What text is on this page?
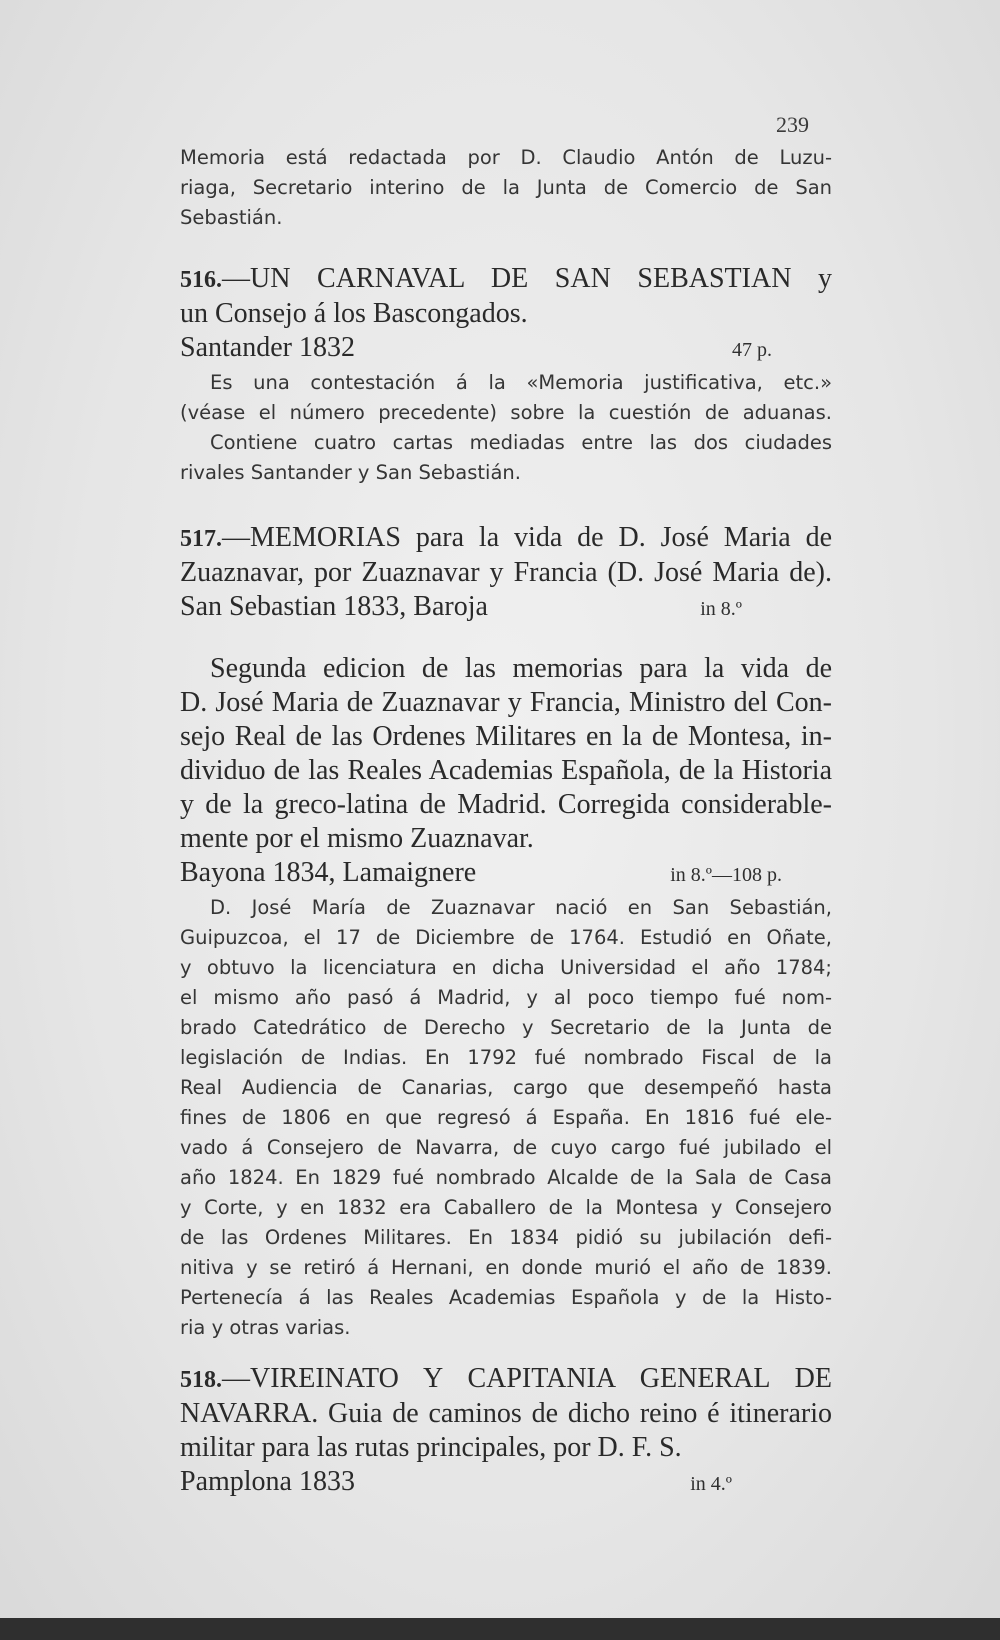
239
Memoria está redactada por D. Claudio Antón de Luzu-
riaga, Secretario interino de la Junta de Comercio de San
Sebastián.
516.—UN CARNAVAL DE SAN SEBASTIAN y
un Consejo á los Bascongados.
Santander 1832	47 p.
Es una contestación á la «Memoria justificativa, etc.»
(véase el número precedente) sobre la cuestión de aduanas.
Contiene cuatro cartas mediadas entre las dos ciudades
rivales Santander y San Sebastián.
517.—MEMORIAS para la vida de D. José Maria de
Zuaznavar, por Zuaznavar y Francia (D. José Maria de).
San Sebastian 1833, Baroja	in 8.º
Segunda edicion de las memorias para la vida de
D. José Maria de Zuaznavar y Francia, Ministro del Con-
sejo Real de las Ordenes Militares en la de Montesa, in-
dividuo de las Reales Academias Española, de la Historia
y de la greco-latina de Madrid. Corregida considerable-
mente por el mismo Zuaznavar.
Bayona 1834, Lamaignere	in 8.º—108 p.
D. José María de Zuaznavar nació en San Sebastián,
Guipuzcoa, el 17 de Diciembre de 1764. Estudió en Oñate,
y obtuvo la licenciatura en dicha Universidad el año 1784;
el mismo año pasó á Madrid, y al poco tiempo fué nom-
brado Catedrático de Derecho y Secretario de la Junta de
legislación de Indias. En 1792 fué nombrado Fiscal de la
Real Audiencia de Canarias, cargo que desempeñó hasta
fines de 1806 en que regresó á España. En 1816 fué ele-
vado á Consejero de Navarra, de cuyo cargo fué jubilado el
año 1824. En 1829 fué nombrado Alcalde de la Sala de Casa
y Corte, y en 1832 era Caballero de la Montesa y Consejero
de las Ordenes Militares. En 1834 pidió su jubilación defi-
nitiva y se retiró á Hernani, en donde murió el año de 1839.
Pertenecía á las Reales Academias Española y de la Histo-
ria y otras varias.
518.—VIREINATO Y CAPITANIA GENERAL DE
NAVARRA. Guia de caminos de dicho reino é itinerario
militar para las rutas principales, por D. F. S.
Pamplona 1833	in 4.º
